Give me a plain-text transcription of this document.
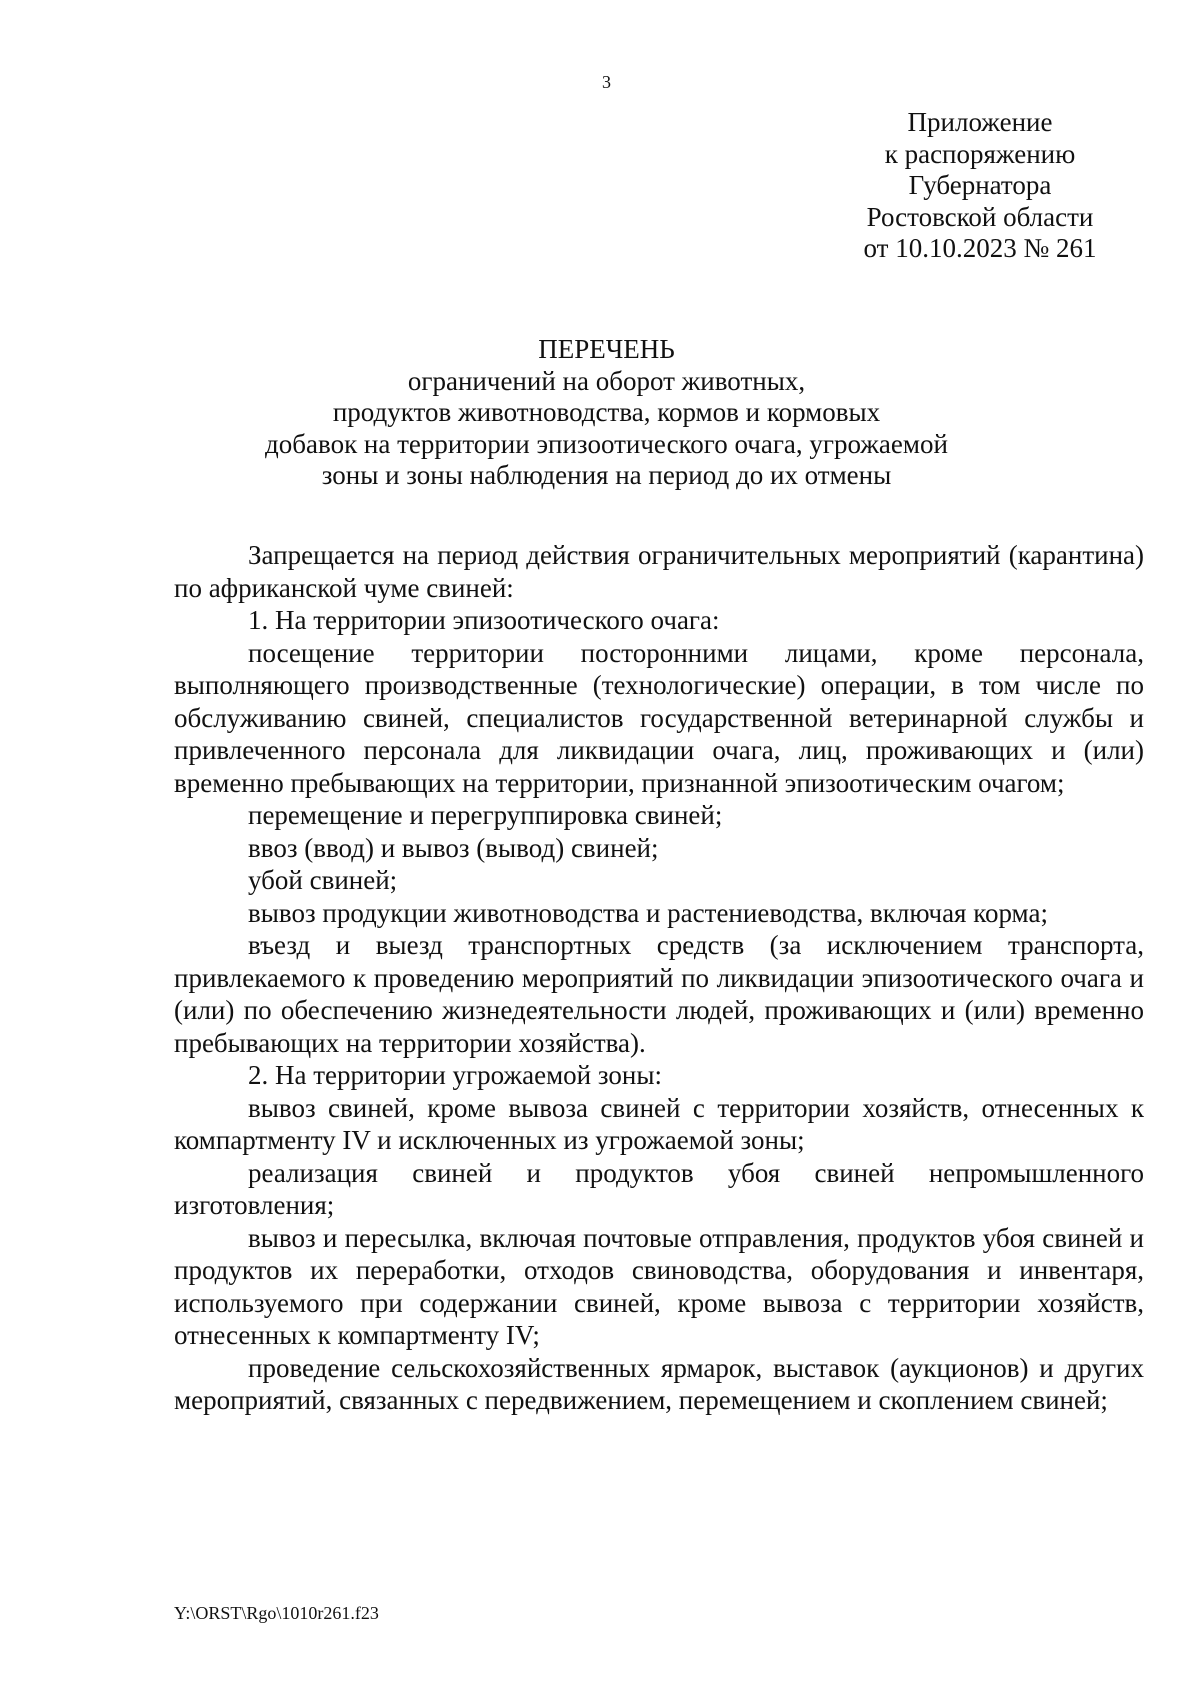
3
Приложение
к распоряжению
Губернатора
Ростовской области
от 10.10.2023 № 261
ПЕРЕЧЕНЬ
ограничений на оборот животных,
продуктов животноводства, кормов и кормовых
добавок на территории эпизоотического очага, угрожаемой
зоны и зоны наблюдения на период до их отмены

Запрещается на период действия ограничительных мероприятий (карантина) по африканской чуме свиней:

1. На территории эпизоотического очага:

посещение территории посторонними лицами, кроме персонала, выполняющего производственные (технологические) операции, в том числе по обслуживанию свиней, специалистов государственной ветеринарной службы и привлеченного персонала для ликвидации очага, лиц, проживающих и (или) временно пребывающих на территории, признанной эпизоотическим очагом;

перемещение и перегруппировка свиней;

ввоз (ввод) и вывоз (вывод) свиней;

убой свиней;

вывоз продукции животноводства и растениеводства, включая корма;

въезд и выезд транспортных средств (за исключением транспорта, привлекаемого к проведению мероприятий по ликвидации эпизоотического очага и (или) по обеспечению жизнедеятельности людей, проживающих и (или) временно пребывающих на территории хозяйства).

2. На территории угрожаемой зоны:

вывоз свиней, кроме вывоза свиней с территории хозяйств, отнесенных к компартменту IV и исключенных из угрожаемой зоны;

реализация свиней и продуктов убоя свиней непромышленного изготовления;

вывоз и пересылка, включая почтовые отправления, продуктов убоя свиней и продуктов их переработки, отходов свиноводства, оборудования и инвентаря, используемого при содержании свиней, кроме вывоза с территории хозяйств, отнесенных к компартменту IV;

проведение сельскохозяйственных ярмарок, выставок (аукционов) и других мероприятий, связанных с передвижением, перемещением и скоплением свиней;

Y:\ORST\Rgo\1010r261.f23
